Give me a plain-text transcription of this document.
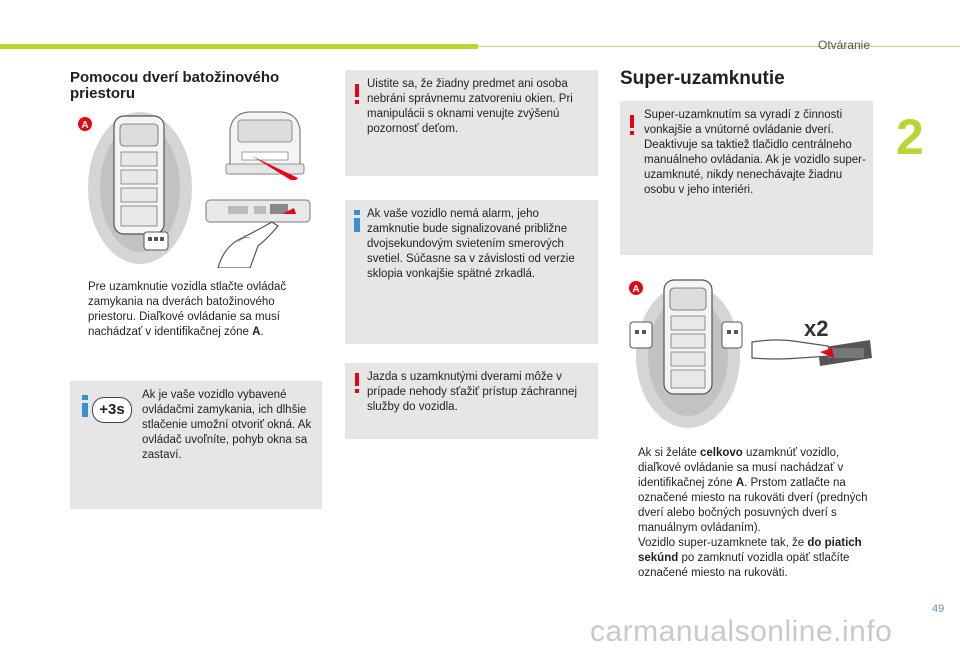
Otváranie
2
Pomocou dverí batožinového priestoru
A
Pre uzamknutie vozidla stlačte ovládač zamykania na dverách batožinového priestoru. Diaľkové ovládanie sa musí nachádzať v identifikačnej zóne A.
Ak je vaše vozidlo vybavené ovládačmi zamykania, ich dlhšie stlačenie umožní otvoriť okná. Ak ovládač uvoľníte, pohyb okna sa zastaví.
+3s
Uistite sa, že žiadny predmet ani osoba nebráni správnemu zatvoreniu okien. Pri manipulácii s oknami venujte zvýšenú pozornosť deťom.
Ak vaše vozidlo nemá alarm, jeho zamknutie bude signalizované približne dvojsekundovým svietením smerových svetiel. Súčasne sa v závislosti od verzie sklopia vonkajšie spätné zrkadlá.
Jazda s uzamknutými dverami môže v prípade nehody sťažiť prístup záchrannej služby do vozidla.
Super-uzamknutie
Super-uzamknutím sa vyradí z činnosti vonkajšie a vnútorné ovládanie dverí. Deaktivuje sa taktiež tlačidlo centrálneho manuálneho ovládania. Ak je vozidlo super-uzamknuté, nikdy nenechávajte žiadnu osobu v jeho interiéri.
A
x2
Ak si želáte celkovo uzamknúť vozidlo, diaľkové ovládanie sa musí nachádzať v identifikačnej zóne A. Prstom zatlačte na označené miesto na rukoväti dverí (predných dverí alebo bočných posuvných dverí s manuálnym ovládaním).
Vozidlo super-uzamknete tak, že do piatich sekúnd po zamknutí vozidla opäť stlačíte označené miesto na rukoväti.
49
carmanualsonline.info
